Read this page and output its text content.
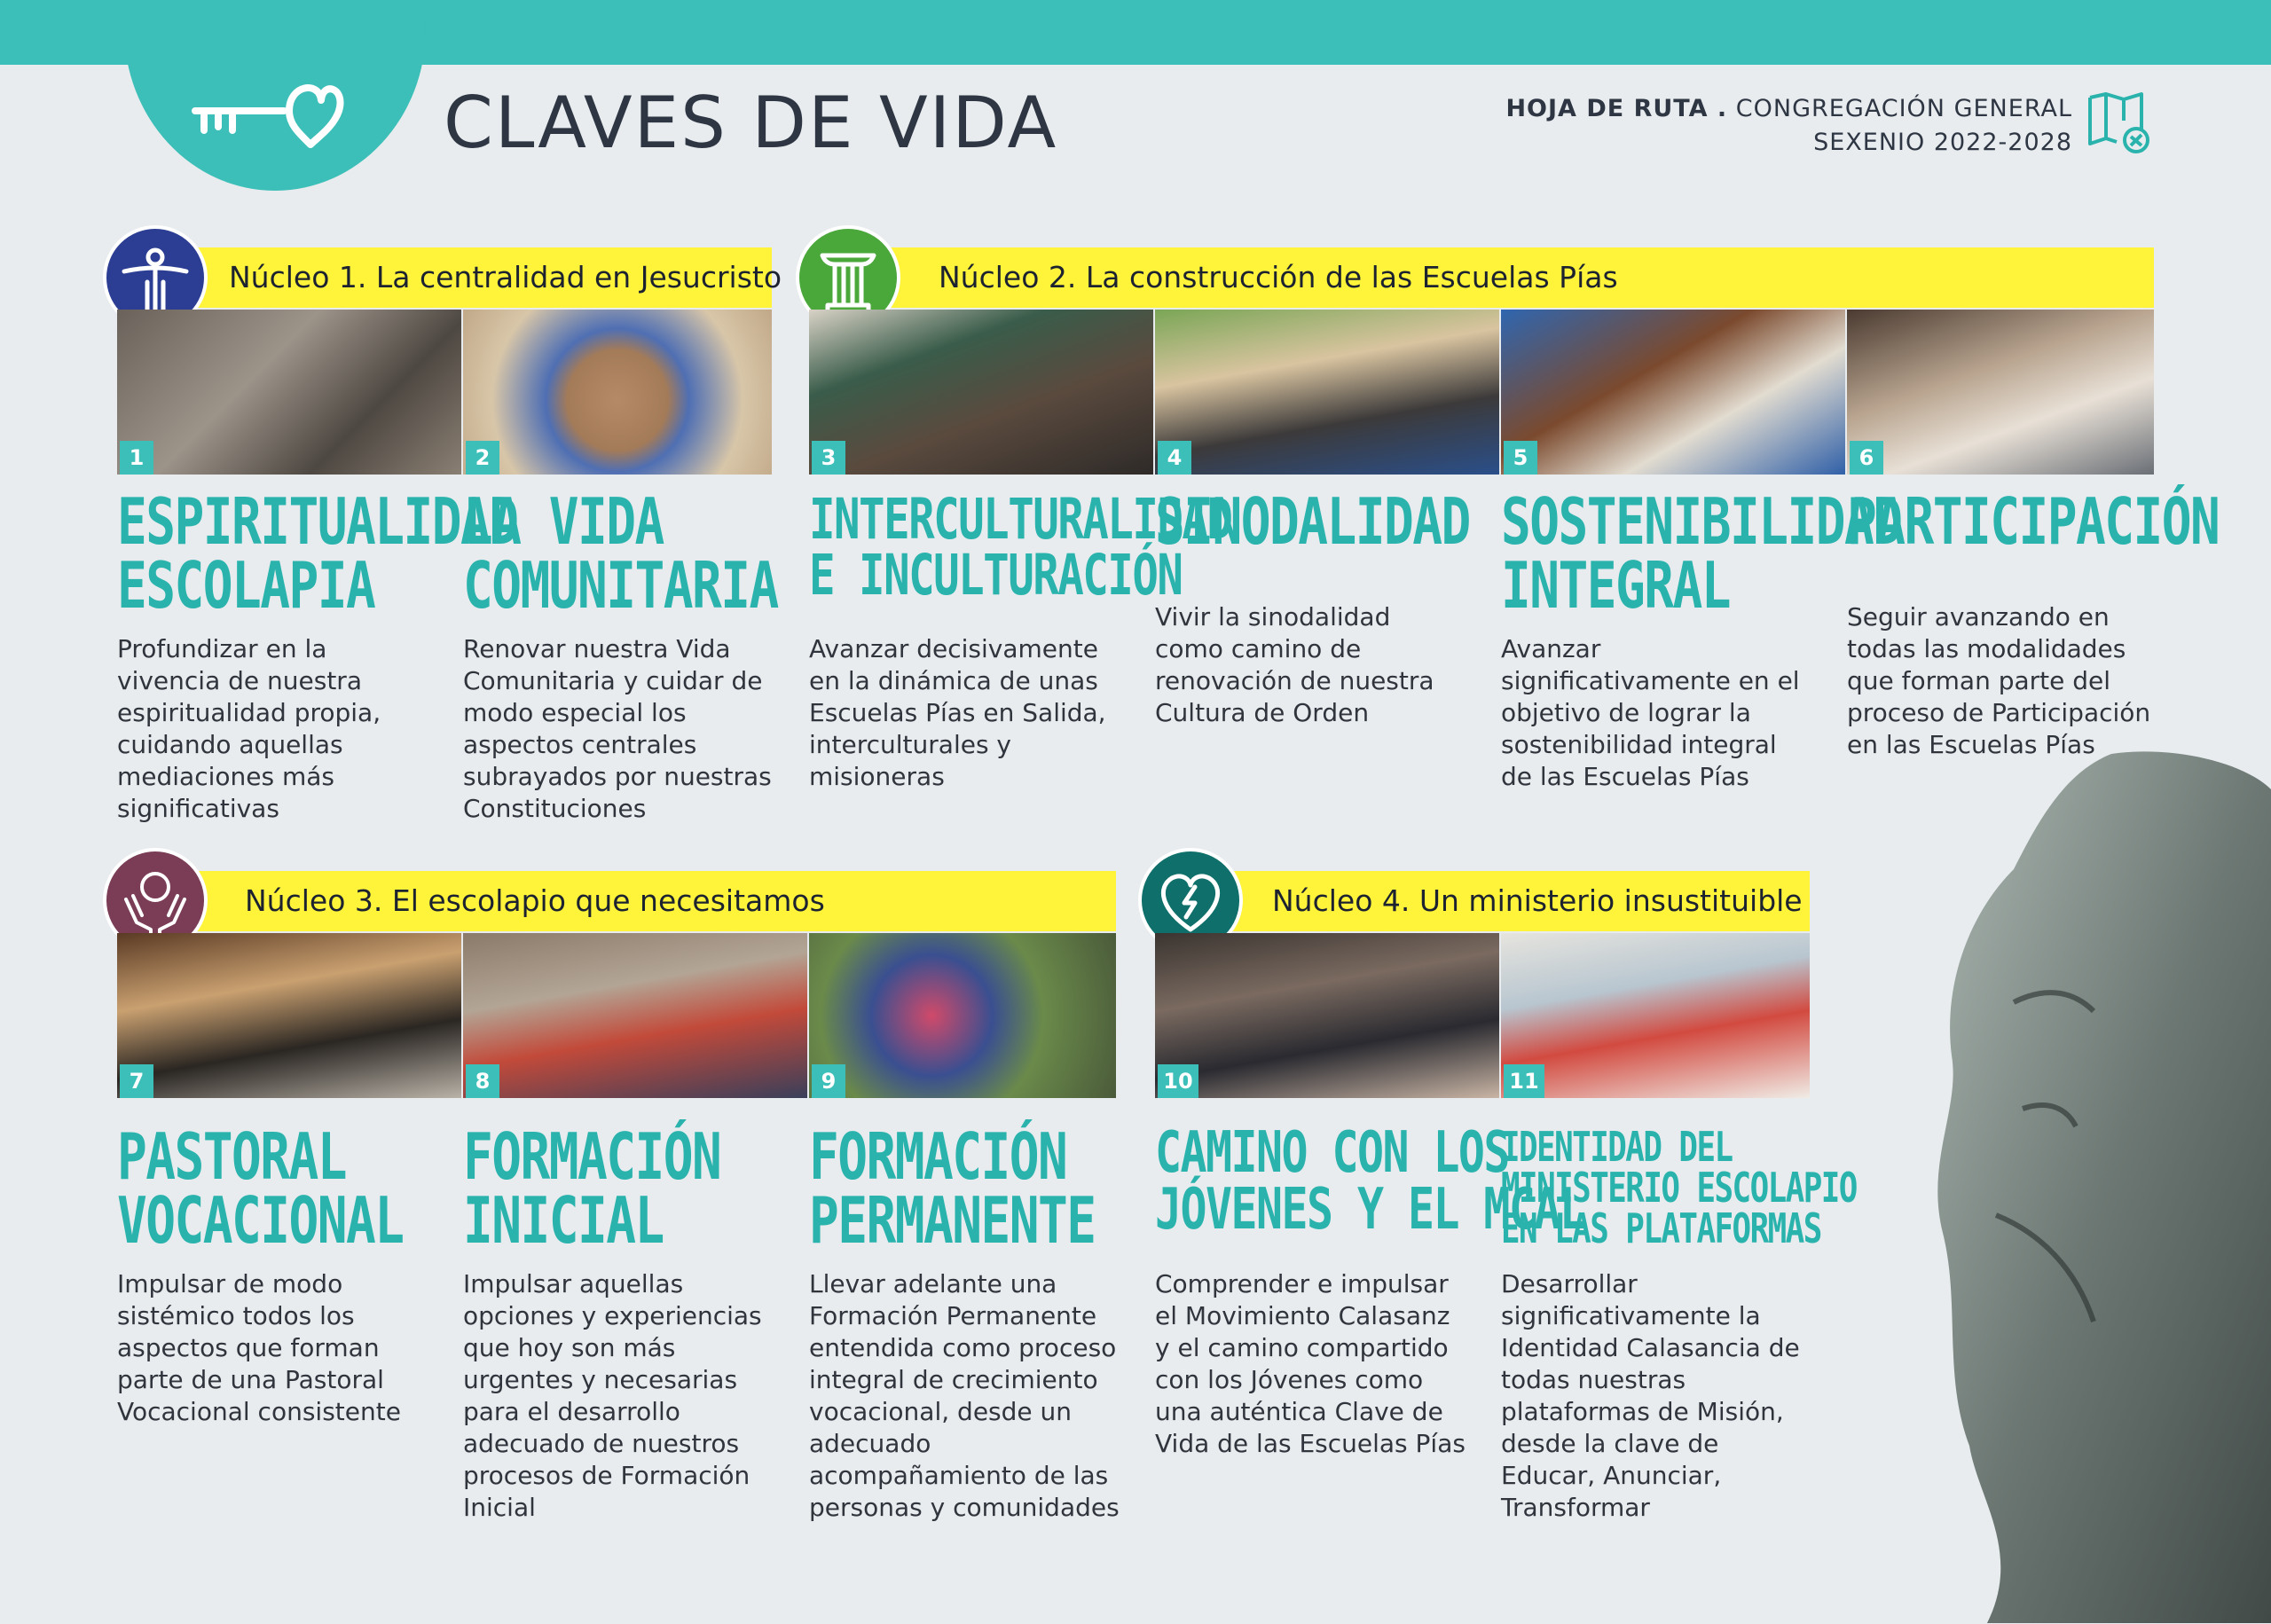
CLAVES DE VIDA	HOJA DE RUTA . CONGREGACIÓN GENERAL
SEXENIO 2022-2028
Núcleo 1. La centralidad en Jesucristo	Núcleo 2. La construcción de las Escuelas Pías
Núcleo 3. El escolapio que necesitamos	Núcleo 4. Un ministerio insustituible
1	2	3	4	5	6
7	8	9	10	11
ESPIRITUALIDAD
ESCOLAPIA
Profundizar en la vivencia de nuestra espiritualidad propia, cuidando aquellas mediaciones más significativas
LA VIDA
COMUNITARIA
Renovar nuestra Vida Comunitaria y cuidar de modo especial los aspectos centrales subrayados por nuestras Constituciones
INTERCULTURALIDAD
E INCULTURACIÓN
Avanzar decisivamente en la dinámica de unas Escuelas Pías en Salida, interculturales y misioneras
SINODALIDAD
Vivir la sinodalidad como camino de renovación de nuestra Cultura de Orden
SOSTENIBILIDAD
INTEGRAL
Avanzar significativamente en el objetivo de lograr la sostenibilidad integral de las Escuelas Pías
PARTICIPACIÓN
Seguir avanzando en todas las modalidades que forman parte del proceso de Participación en las Escuelas Pías
PASTORAL
VOCACIONAL
Impulsar de modo sistémico todos los aspectos que forman parte de una Pastoral Vocacional consistente
FORMACIÓN
INICIAL
Impulsar aquellas opciones y experiencias que hoy son más urgentes y necesarias para el desarrollo adecuado de nuestros procesos de Formación Inicial
FORMACIÓN
PERMANENTE
Llevar adelante una Formación Permanente entendida como proceso integral de crecimiento vocacional, desde un adecuado acompañamiento de las personas y comunidades
CAMINO CON LOS
JÓVENES Y EL MCAL
Comprender e impulsar el Movimiento Calasanz y el camino compartido con los Jóvenes como una auténtica Clave de Vida de las Escuelas Pías
IDENTIDAD DEL
MINISTERIO ESCOLAPIO
EN LAS PLATAFORMAS
Desarrollar significativamente la Identidad Calasancia de todas nuestras plataformas de Misión, desde la clave de Educar, Anunciar, Transformar
